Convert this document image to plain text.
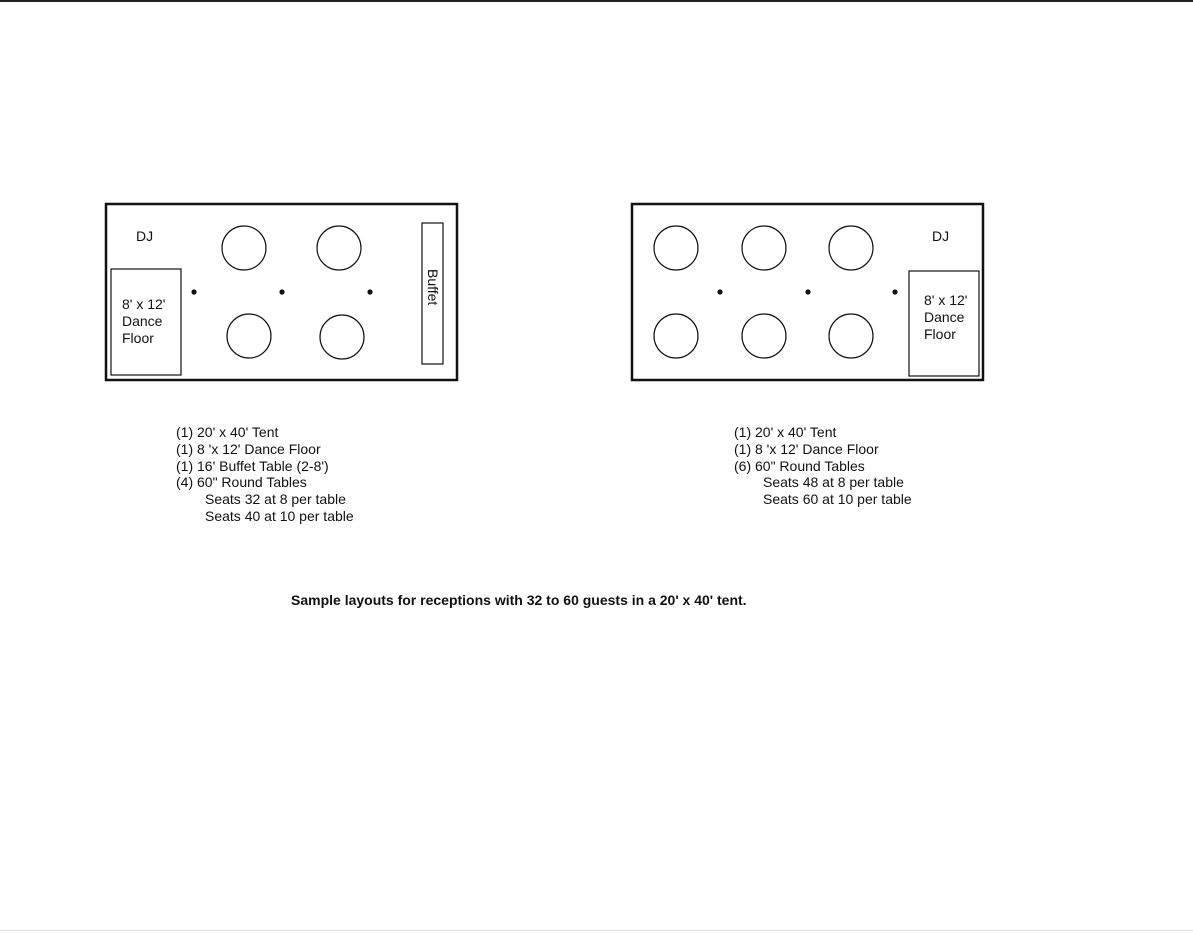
DJ
8' x 12'
Dance
Floor
Buffet
DJ
8' x 12'
Dance
Floor
(1) 20' x 40' Tent
(1) 8 'x 12' Dance Floor
(1) 16' Buffet Table (2-8')
(4) 60" Round Tables
Seats 32 at 8 per table
Seats 40 at 10 per table
(1) 20' x 40' Tent
(1) 8 'x 12' Dance Floor
(6) 60" Round Tables
Seats 48 at 8 per table
Seats 60 at 10 per table
Sample layouts for receptions with 32 to 60 guests in a 20' x 40' tent.
